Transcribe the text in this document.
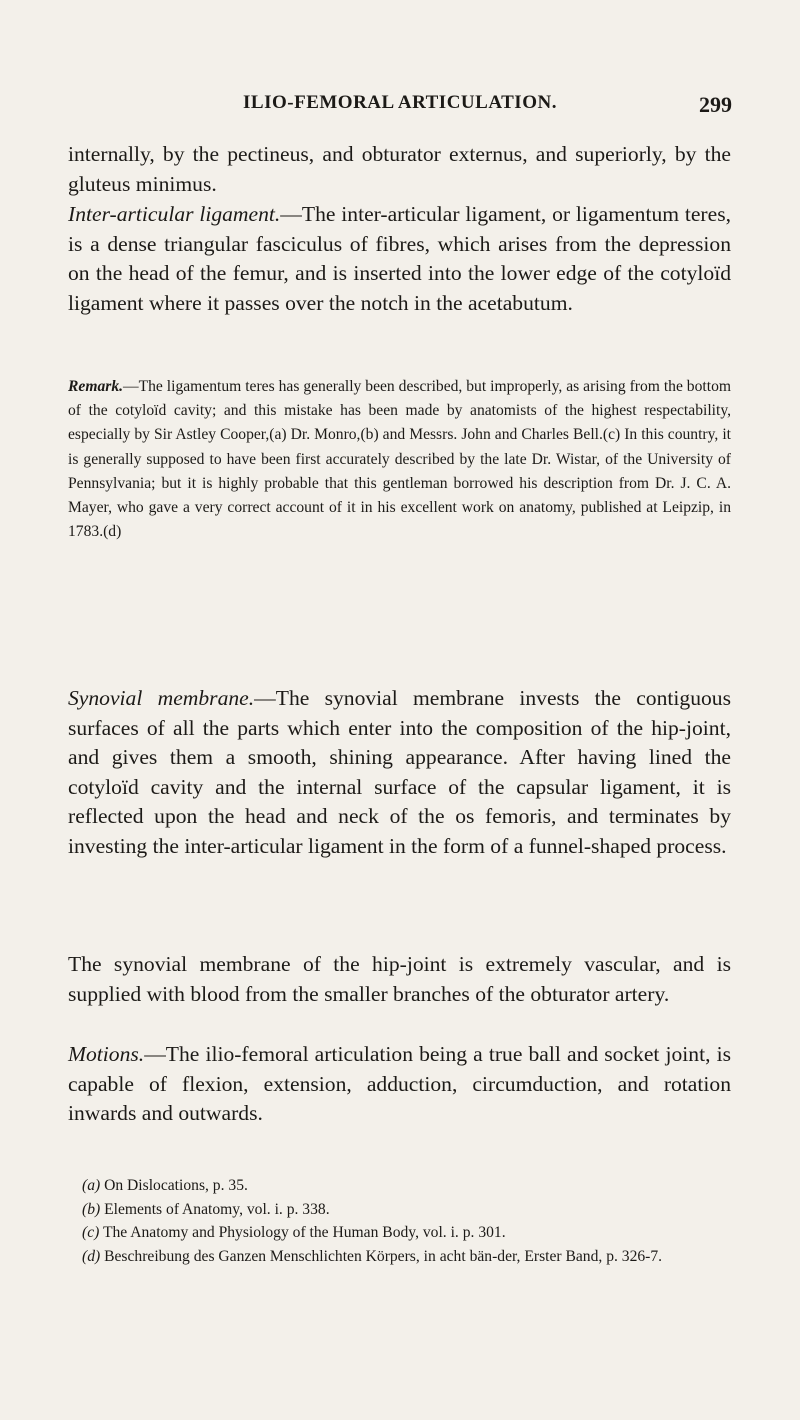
ILIO-FEMORAL ARTICULATION.	299

internally, by the pectineus, and obturator externus, and superiorly, by the gluteus minimus.

Inter-articular ligament.—The inter-articular ligament, or ligamentum teres, is a dense triangular fasciculus of fibres, which arises from the depression on the head of the femur, and is inserted into the lower edge of the cotyloïd ligament where it passes over the notch in the acetabutum.

Remark.—The ligamentum teres has generally been described, but improperly, as arising from the bottom of the cotyloïd cavity; and this mistake has been made by anatomists of the highest respectability, especially by Sir Astley Cooper,(a) Dr. Monro,(b) and Messrs. John and Charles Bell.(c) In this country, it is generally supposed to have been first accurately described by the late Dr. Wistar, of the University of Pennsylvania; but it is highly probable that this gentleman borrowed his description from Dr. J. C. A. Mayer, who gave a very correct account of it in his excellent work on anatomy, published at Leipzip, in 1783.(d)

Synovial membrane.—The synovial membrane invests the contiguous surfaces of all the parts which enter into the composition of the hip-joint, and gives them a smooth, shining appearance. After having lined the cotyloïd cavity and the internal surface of the capsular ligament, it is reflected upon the head and neck of the os femoris, and terminates by investing the inter-articular ligament in the form of a funnel-shaped process.

The synovial membrane of the hip-joint is extremely vascular, and is supplied with blood from the smaller branches of the obturator artery.

Motions.—The ilio-femoral articulation being a true ball and socket joint, is capable of flexion, extension, adduction, circumduction, and rotation inwards and outwards.

(a) On Dislocations, p. 35.

(b) Elements of Anatomy, vol. i. p. 338.

(c) The Anatomy and Physiology of the Human Body, vol. i. p. 301.

(d) Beschreibung des Ganzen Menschlichten Körpers, in acht bän-der, Erster Band, p. 326-7.
